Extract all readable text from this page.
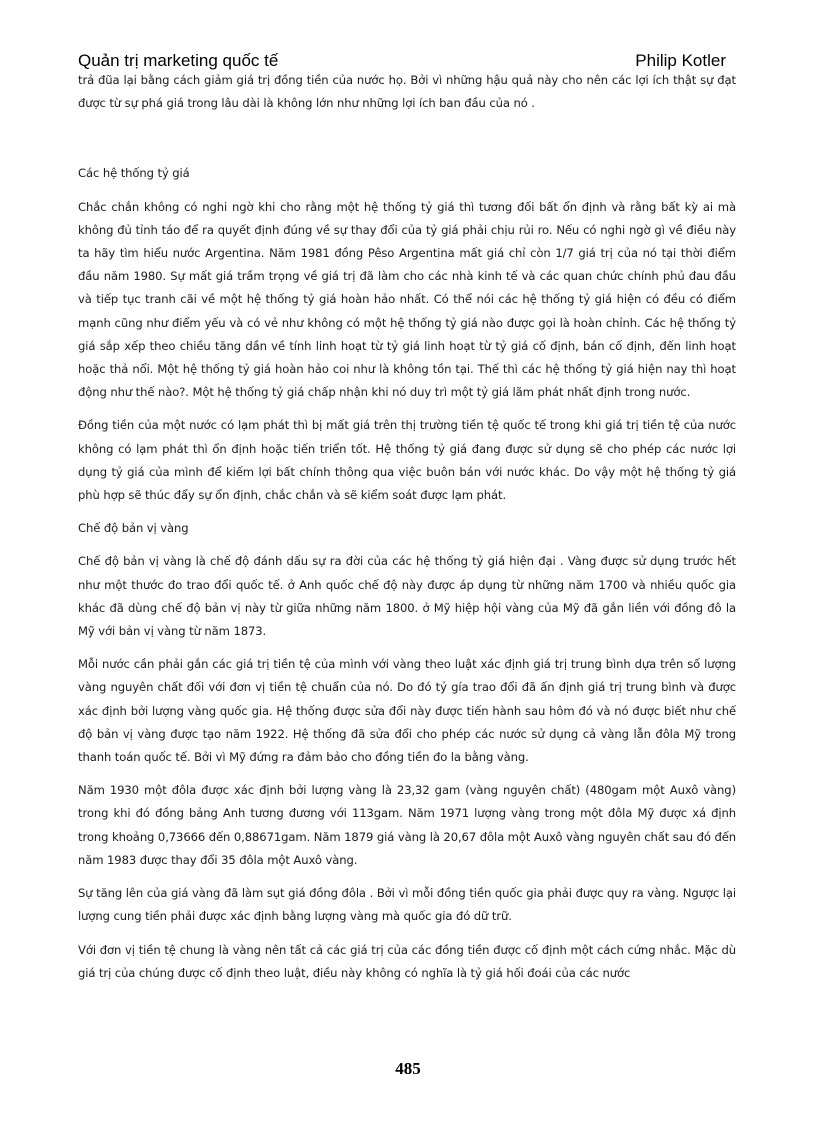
Quản trị marketing quốc tế	Philip Kotler

trả đũa lại bằng cách giảm giá trị đồng tiền của nước họ. Bởi vì những hậu quả này cho nên các lợi ích thật sự đạt được từ sự phá giá trong lâu dài là không lớn như những lợi ích ban đầu của nó .

Các hệ thống tỷ giá

Chắc chắn không có nghi ngờ khi cho rằng một hệ thống tỷ giá thì tương đối bất ổn định và rằng bất kỳ ai mà không đủ tỉnh táo để ra quyết định đúng về sự thay đổi của tỷ giá phải chịu rủi ro. Nếu có nghi ngờ gì về điều này ta hãy tìm hiểu nước Argentina. Năm 1981 đồng Pêso Argentina mất giá chỉ còn 1/7 giá trị của nó tại thời điểm đầu năm 1980. Sự mất giá trầm trọng về giá trị đã làm cho các nhà kinh tế và các quan chức chính phủ đau đầu và tiếp tục tranh cãi về một hệ thống tỷ giá hoàn hảo nhất. Có thể nói các hệ thống tỷ giá hiện có đều có điểm mạnh cũng như điểm yếu và có vẻ như không có một hệ thống tỷ giá nào được gọi là hoàn chỉnh. Các hệ thống tỷ giá sắp xếp theo chiều tăng dần về tính linh hoạt từ tỷ giá linh hoạt từ tỷ giá cố định, bán cố định, đến linh hoạt hoặc thả nổi. Một hệ thống tỷ giá hoàn hảo coi như là không tồn tại. Thế thì các hệ thống tỷ giá hiện nay thì hoạt động như thế nào?. Một hệ thống tỷ giá chấp nhận khi nó duy trì một tỷ giá lãm phát nhất định trong nước.

Đồng tiền của một nước có lạm phát thì bị mất giá trên thị trường tiền tệ quốc tế trong khi giá trị tiền tệ của nước không có lạm phát thì ổn định hoặc tiến triển tốt. Hệ thống tỷ giá đang được sử dụng sẽ cho phép các nước lợi dụng tỷ giá của mình để kiếm lợi bất chính thông qua việc buôn bán với nước khác. Do vậy một hệ thống tỷ giá phù hợp sẽ thúc đẩy sự ổn định, chắc chắn và sẽ kiểm soát được lạm phát.

Chế độ bản vị vàng

Chế độ bản vị vàng là chế độ đánh dấu sự ra đời của các hệ thống tỷ giá hiện đại . Vàng được sử dụng trước hết như một thước đo trao đổi quốc tế. ở Anh quốc chế độ này được áp dụng từ những năm 1700 và nhiều quốc gia khác đã dùng chế độ bản vị này từ giữa những năm 1800. ở Mỹ hiệp hội vàng của Mỹ đã gắn liền với đồng đô la Mỹ với bản vị vàng từ năm 1873.

Mỗi nước cần phải gắn các giá trị tiền tệ của mình với vàng theo luật xác định giá trị trung bình dựa trên số lượng vàng nguyên chất đối với đơn vị tiền tệ chuẩn của nó. Do đó tỷ gía trao đổi đã ấn định giá trị trung bình và được xác định bởi lượng vàng quốc gia. Hệ thống được sửa đổi này được tiến hành sau hôm đó và nó được biết như chế độ bản vị vàng được tạo năm 1922. Hệ thống đã sửa đổi cho phép các nước sử dụng cả vàng lẫn đôla Mỹ trong thanh toán quốc tế. Bởi vì Mỹ đứng ra đảm bảo cho đồng tiền đo la bằng vàng.

Năm 1930 một đôla được xác định bởi lượng vàng là 23,32 gam (vàng nguyên chất) (480gam một Auxô vàng) trong khi đó đồng bảng Anh tương đương với 113gam. Năm 1971 lượng vàng trong một đôla Mỹ được xá định trong khoảng 0,73666 đến 0,88671gam. Năm 1879 giá vàng là 20,67 đôla một Auxô vàng nguyên chất sau đó đến năm 1983 được thay đổi 35 đôla một Auxô vàng.

Sự tăng lên của giá vàng đã làm sụt giá đồng đôla . Bởi vì mỗi đồng tiền quốc gia phải được quy ra vàng. Ngược lại lượng cung tiền phải được xác định bằng lượng vàng mà quốc gia đó dữ trữ.

Với đơn vị tiền tệ chung là vàng nên tất cả các giá trị của các đồng tiền được cố định một cách cứng nhắc. Mặc dù giá trị của chúng được cố định theo luật, điều này không có nghĩa là tỷ giá hối đoái của các nước

485
